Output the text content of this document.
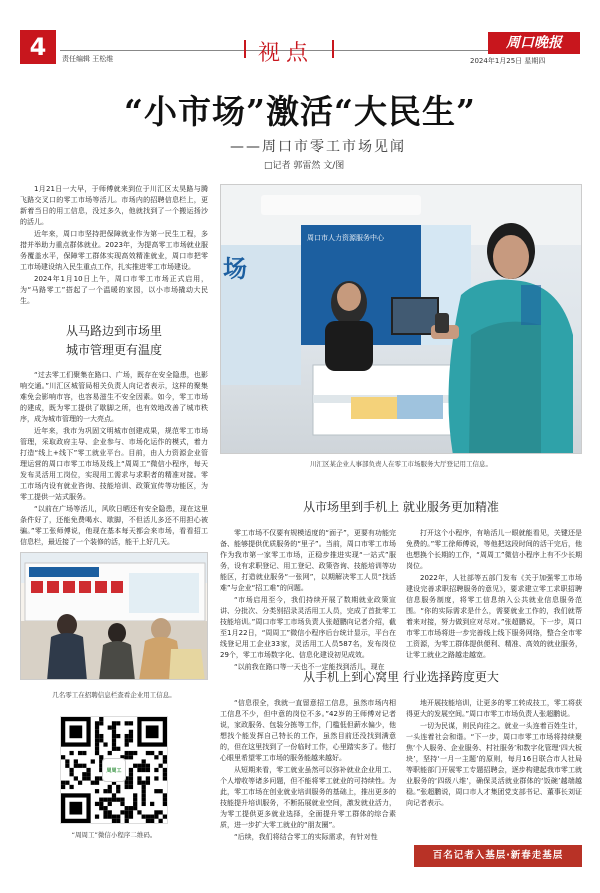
4	责任编辑 王松维	视点	周口晚报
2024年1月25日 星期四
“小市场”激活“大民生”
——周口市零工市场见闻
□记者 郭雷然 文/图

1月21日一大早，于师傅就来到位于川汇区太昊路与腾飞路交叉口的零工市场等活儿。市场内的招聘信息栏上，更新着当日的用工信息，没过多久，他就找到了一个搬运扬沙的活儿。

近年来，周口市坚持把保障就业作为第一民生工程，多措并举助力重点群体就业。2023年，为提高零工市场就业服务覆盖水平，保障零工群体实现高效精准就业，周口市把零工市场建设纳入民生重点工作，扎实推进零工市场建设。

2024年1月10日上午，周口市零工市场正式启用，为“马路零工”搭起了一个温暖的家园，以小市场撬动大民生。

从马路边到市场里
城市管理更有温度

“过去零工们聚集在路口、广场，既存在安全隐患，也影响交通。”川汇区城管局相关负责人向记者表示，这样的聚集难免会影响市容，也容易滋生不安全因素。如今，零工市场的建成，既为零工提供了歇脚之所，也有效地改善了城市秩序，成为城市管理的一大亮点。

近年来，我市为巩固文明城市创建成果，规范零工市场管理，采取政府主导、企业参与、市场化运作的模式，着力打造“线上+线下”零工就业平台。目前，由人力资源企业管理运营的周口市零工市场及线上“周周工”微信小程序，每天发布灵活用工岗位，实现用工需求与求职者的精准对接。零工市场内设有就业咨询、技能培训、政策宣传等功能区，为零工提供一站式服务。

“以前在广场等活儿，风吹日晒还有安全隐患，现在这里条件好了，还能免费喝水、歇脚，不但活儿多还不用担心被骗。”零工张师傅说，他现在基本每天都会来市场，看看招工信息栏，最近接了一个装修的活，能干上好几天。

场
周口市人力资源服务中心
川汇区某企业人事部负责人在零工市场服务大厅登记用工信息。
几名零工在招聘信息栏查看企业用工信息。
周周工
“周周工”微信小程序二维码。
从市场里到手机上 就业服务更加精准

零工市场不仅要有规模适度的“面子”，更要有功能完备、能够提供优质服务的“里子”。当前，周口市零工市场作为我市第一家零工市场，正稳步推进实现“一站式”服务，设有求职登记、用工登记、政策咨询、技能培训等功能区，打造就业服务“一张网”，以期解决零工人员“找活难”与企业“招工难”的问题。

“市场启用至今，我们持续开展了数期就业政策宣讲、分批次、分类别招录灵活用工人员，完成了首批零工技能培训。”周口市零工市场负责人张超鹏向记者介绍，截至1月22日，“周周工”微信小程序后台统计显示，平台在线登记用工企业33家，灵活用工人员587名，发布岗位29个，零工市场数字化、信息化建设初见成效。

“以前我在路口等一天也不一定能找到活儿，现在

打开这个小程序，有啥活儿一眼就能看见，关键还是免费的。”零工徐师傅说，等他把这段时间的活干完后，他也想换个长期的工作，“周周工”微信小程序上有不少长期岗位。

2022年，人社部等五部门发布《关于加强零工市场建设完善求职招聘服务的意见》，要求建立零工求职招聘信息服务制度，将零工信息纳入公共就业信息服务范围。“你的实际需求是什么，需要就业工作的，我们就帮着来对接，努力做到应对尽对。”张超鹏说，下一步，周口市零工市场将进一步完善线上线下服务网络，整合全市零工资源，为零工群体提供便利、精准、高效的就业服务，让零工就业之路越走越宽。

从手机上到心窝里 行业选择跨度更大

“信息很全，我就一直留意招工信息，虽然市场内相工信息不少，但中意的岗位不多。”42岁的王师傅对记者说，家政服务、包装分拣等工作，门槛低但薪水偏少，他想找个能发挥自己特长的工作，虽然目前还没找到满意的，但在这里找到了一份临时工作，心里踏实多了。他打心眼里希望零工市场的服务能越来越好。

从短期来看，零工就业虽然可以弥补就业企业用工、个人增收等诸多问题，但不能将零工就业的可持续性。为此，零工市场在创业就业培训服务的基础上，推出更多的技能提升培训服务，不断拓展就业空间，激发就业活力，为零工提供更多就业选择，全面提升零工群体的综合素质，进一步扩大零工就业的“朋友圈”。

“后续，我们将结合零工的实际需求，有针对性

地开展技能培训，让更多的零工转成技工，零工将获得更大的发展空间。”周口市零工市场负责人张超鹏说。

一切为民谋，则民向往之。就业一头连着百姓生计，一头连着社会和谐。“下一步，周口市零工市场将持续聚焦‘个人服务、企业服务、村社服务’和数字化管理‘四大板块’，坚持‘一月一主题’的原则，每月16日联合市人社局等职能部门开展零工专题招聘会，逐步构建起我市零工就业服务的‘四级八维’，确保灵活就业群体的‘饭碗’越端越稳。”张超鹏说，周口市人才集团党支部书记、董事长刘证向记者表示。

百名记者入基层·新春走基层
